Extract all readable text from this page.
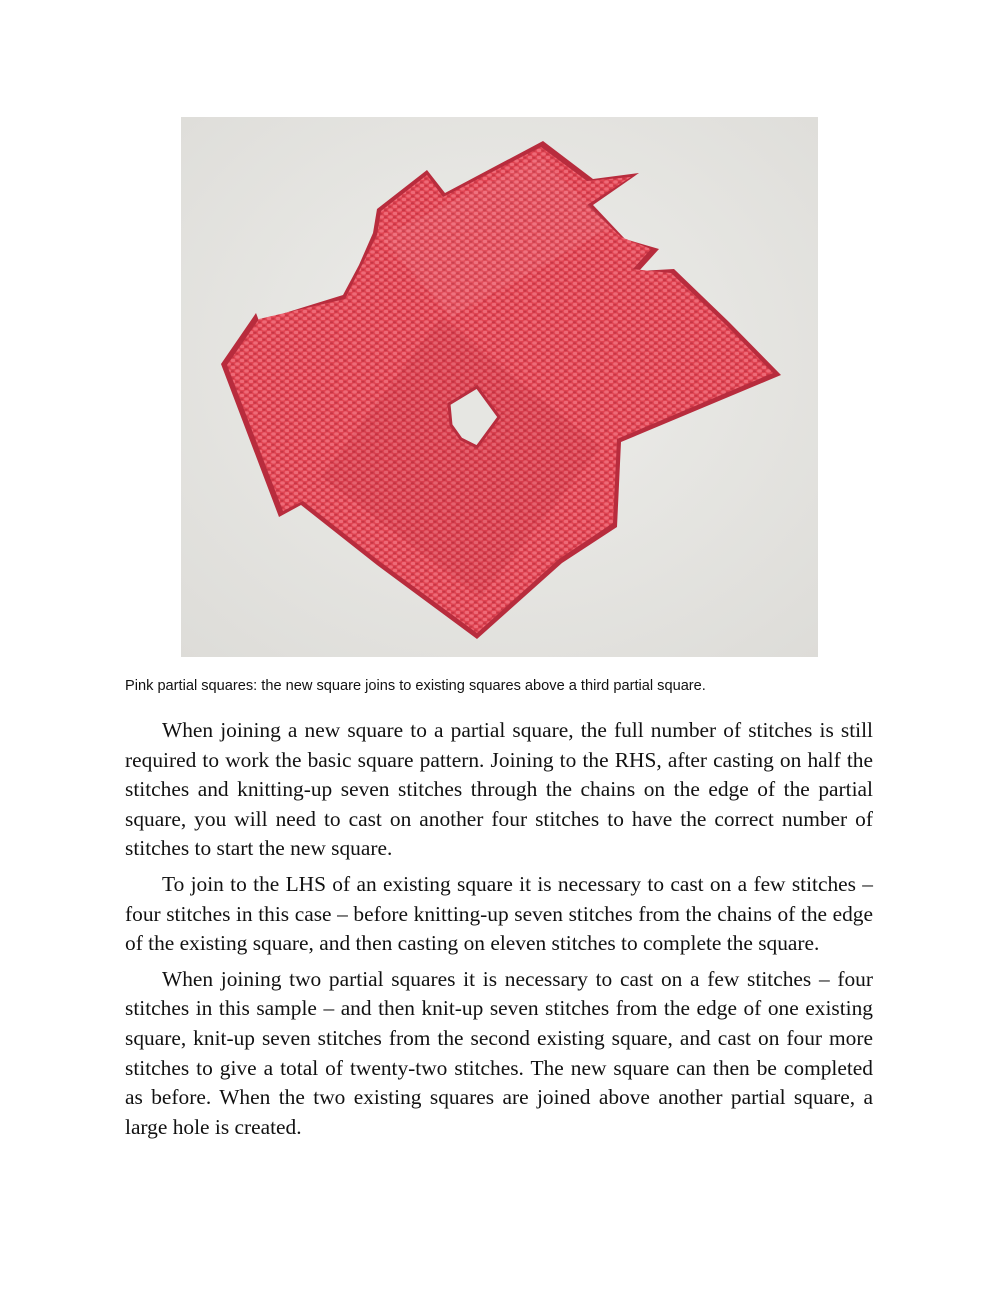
Pink partial squares: the new square joins to existing squares above a third partial square.

When joining a new square to a partial square, the full number of stitches is still required to work the basic square pattern. Joining to the RHS, after casting on half the stitches and knitting-up seven stitches through the chains on the edge of the partial square, you will need to cast on another four stitches to have the correct number of stitches to start the new square.

To join to the LHS of an existing square it is necessary to cast on a few stitches – four stitches in this case – before knitting-up seven stitches from the chains of the edge of the existing square, and then casting on eleven stitches to complete the square.

When joining two partial squares it is necessary to cast on a few stitches – four stitches in this sample – and then knit-up seven stitches from the edge of one existing square, knit-up seven stitches from the second existing square, and cast on four more stitches to give a total of twenty-two stitches. The new square can then be completed as before. When the two existing squares are joined above another partial square, a large hole is created.
